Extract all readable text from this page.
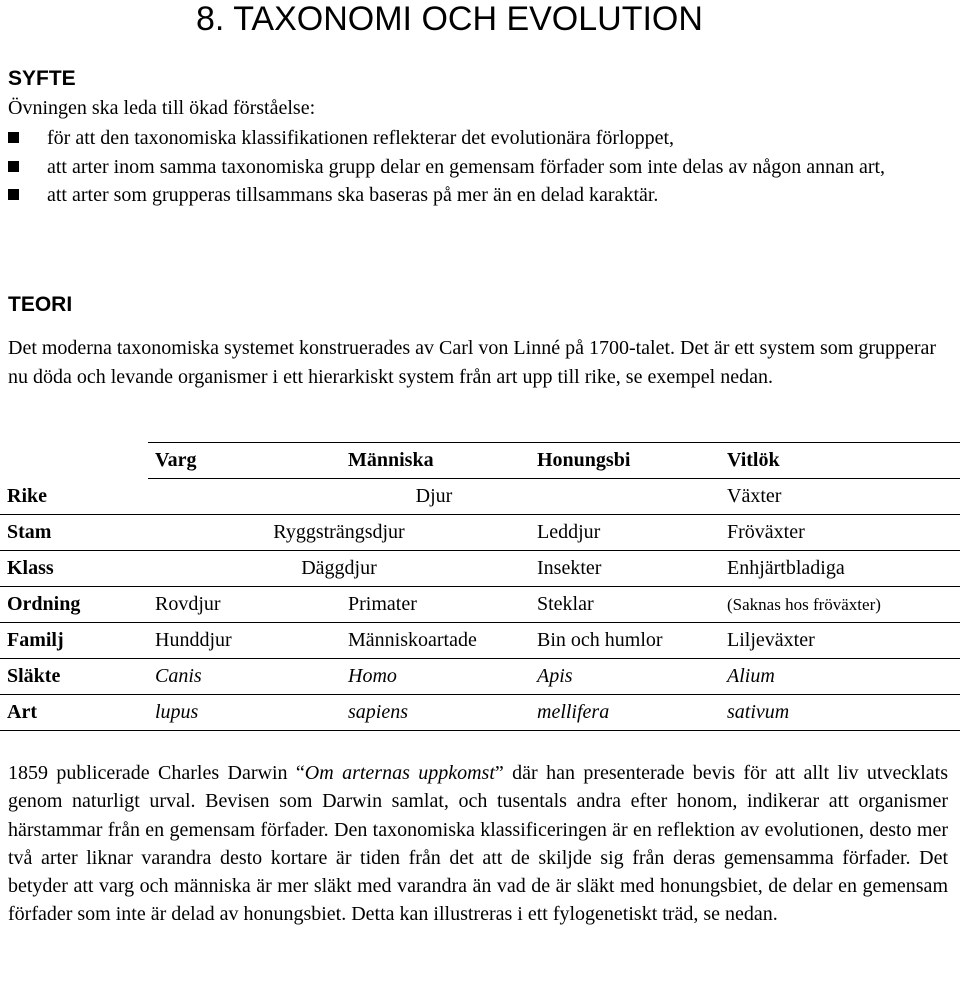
8. TAXONOMI OCH EVOLUTION
SYFTE

Övningen ska leda till ökad förståelse:

för att den taxonomiska klassifikationen reflekterar det evolutionära förloppet,
att arter inom samma taxonomiska grupp delar en gemensam förfader som inte delas av någon annan art,
att arter som grupperas tillsammans ska baseras på mer än en delad karaktär.
TEORI

Det moderna taxonomiska systemet konstruerades av Carl von Linné på 1700-talet. Det är ett system som grupperar nu döda och levande organismer i ett hierarkiskt system från art upp till rike, se exempel nedan.

	Varg		Människa	Honungsbi	Vitlök
Rike	Djur				Växter
Stam	Ryggsträngsdjur			Leddjur	Fröväxter
Klass	Däggdjur			Insekter	Enhjärtbladiga
Ordning	Rovdjur		Primater	Steklar	(Saknas hos fröväxter)
Familj	Hunddjur		Människoartade	Bin och humlor	Liljeväxter
Släkte	Canis		Homo	Apis	Alium
Art	lupus		sapiens	mellifera	sativum

1859 publicerade Charles Darwin “Om arternas uppkomst” där han presenterade bevis för att allt liv utvecklats genom naturligt urval. Bevisen som Darwin samlat, och tusentals andra efter honom, indikerar att organismer härstammar från en gemensam förfader. Den taxonomiska klassificeringen är en reflektion av evolutionen, desto mer två arter liknar varandra desto kortare är tiden från det att de skiljde sig från deras gemensamma förfader. Det betyder att varg och människa är mer släkt med varandra än vad de är släkt med honungsbiet, de delar en gemensam förfader som inte är delad av honungsbiet. Detta kan illustreras i ett fylogenetiskt träd, se nedan.
